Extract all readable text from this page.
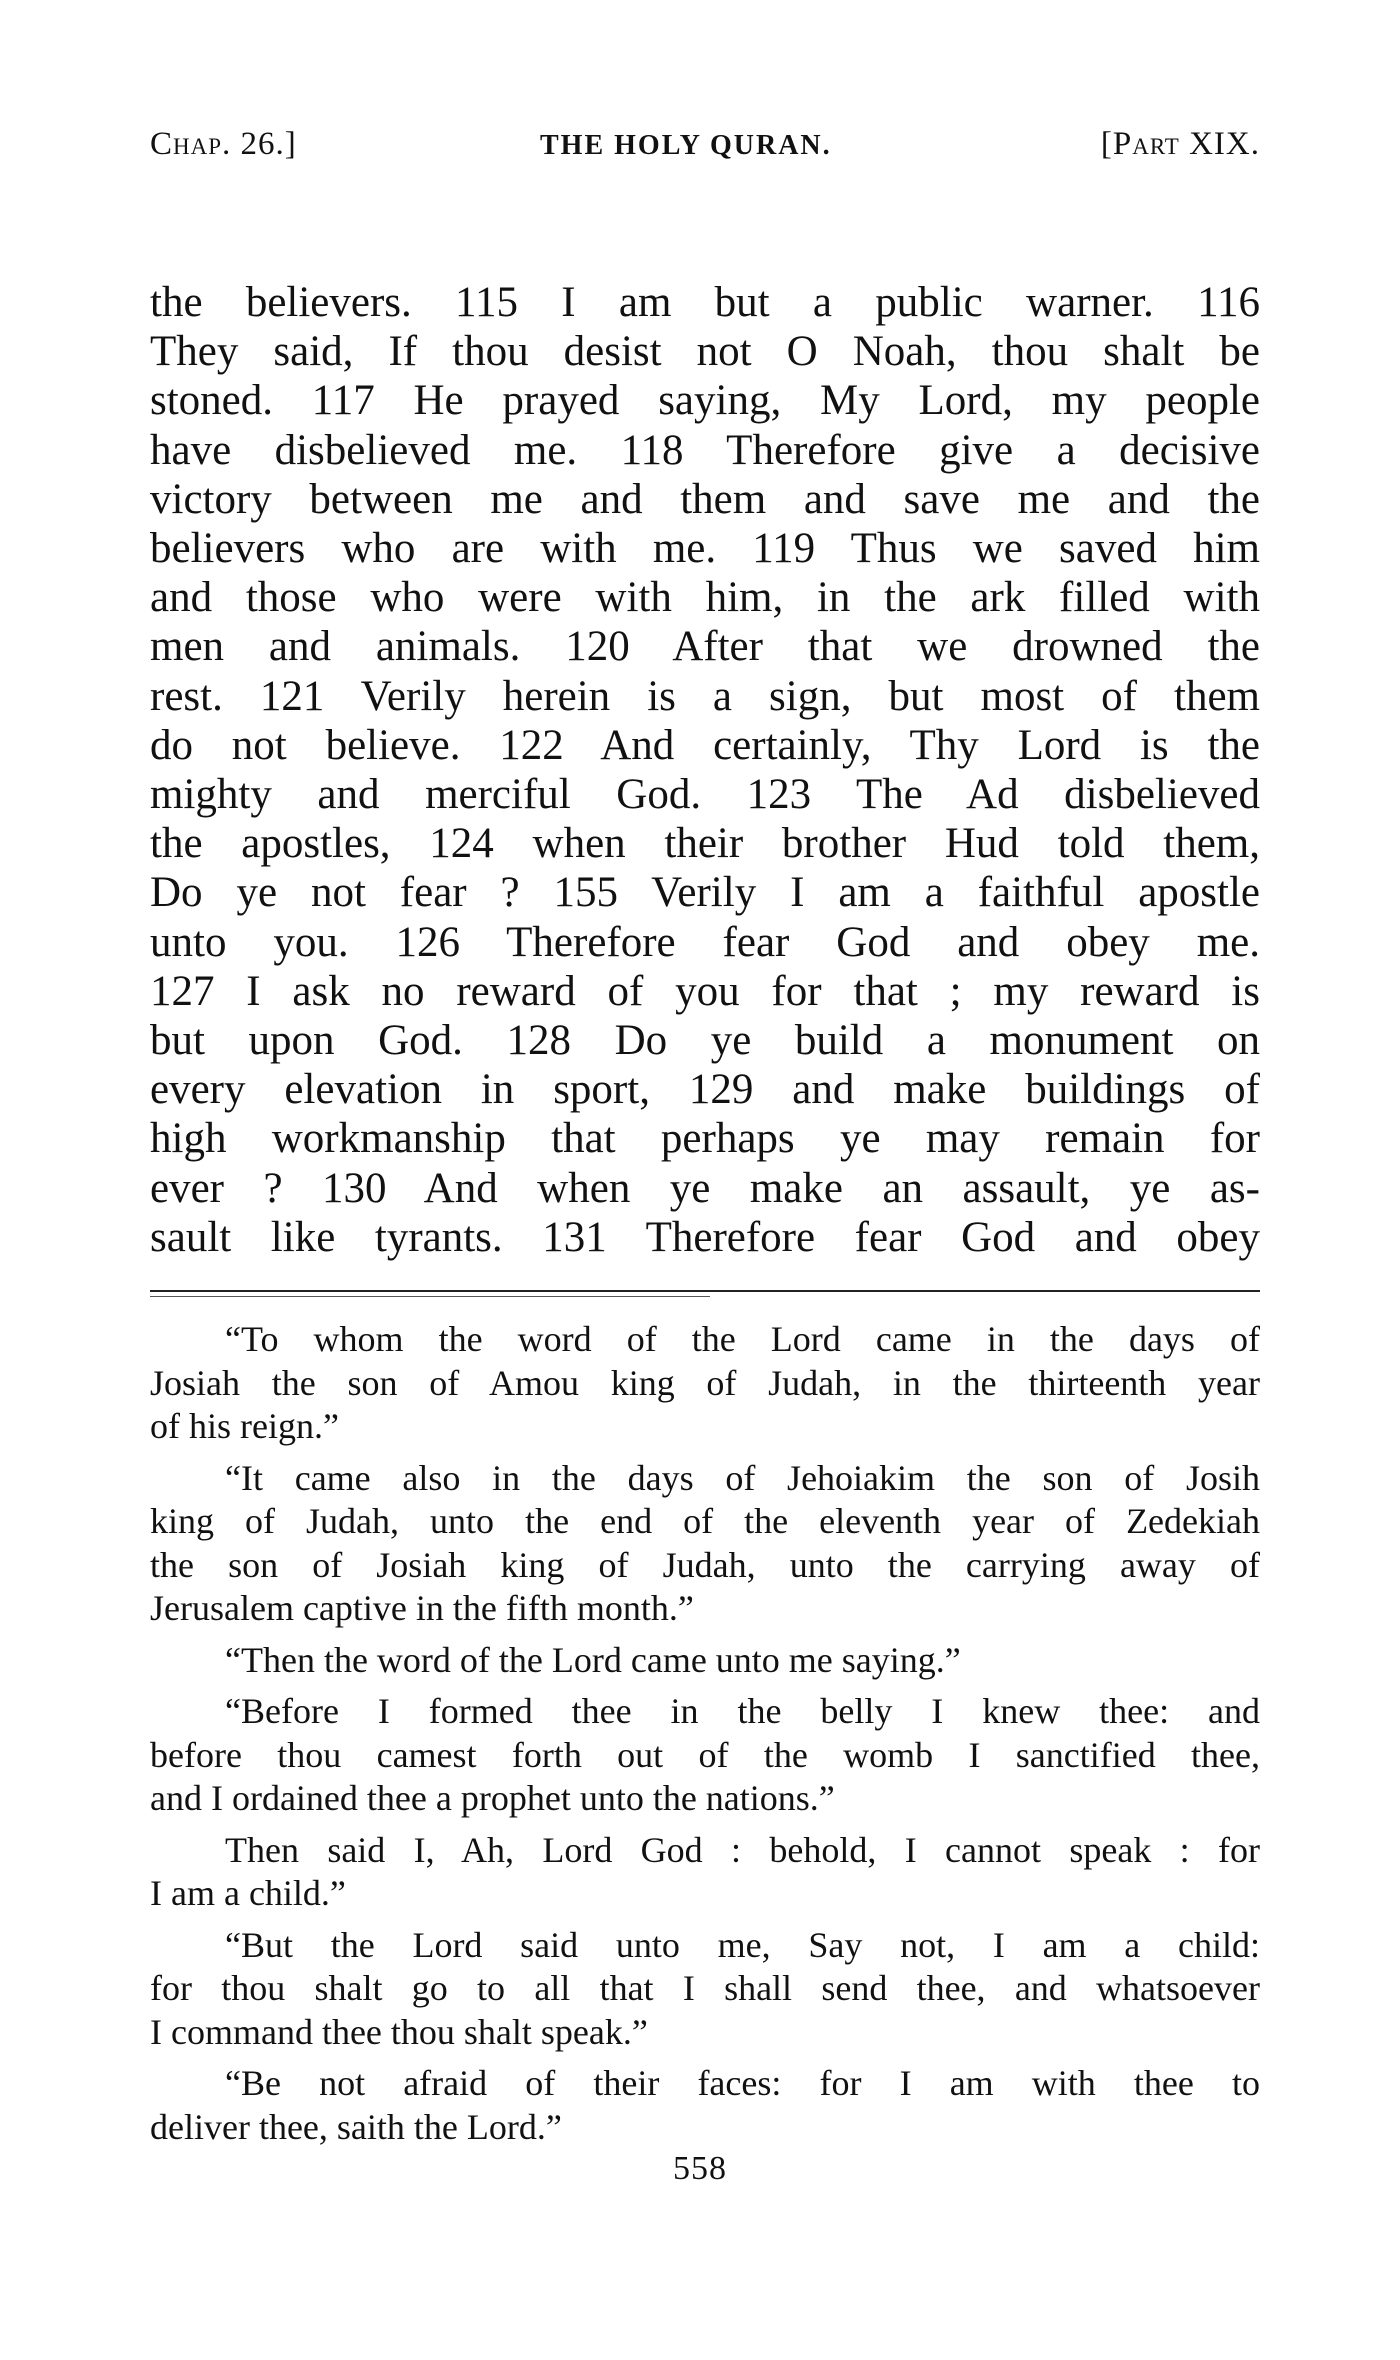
Chap. 26.]	THE HOLY QURAN.	[Part XIX.
the believers. 115 I am but a public warner. 116
They said, If thou desist not O Noah, thou shalt be
stoned. 117 He prayed saying, My Lord, my people
have disbelieved me. 118 Therefore give a decisive
victory between me and them and save me and the
believers who are with me. 119 Thus we saved him
and those who were with him, in the ark filled with
men and animals. 120 After that we drowned the
rest. 121 Verily herein is a sign, but most of them
do not believe. 122 And certainly, Thy Lord is the
mighty and merciful God. 123 The Ad disbelieved
the apostles, 124 when their brother Hud told them,
Do ye not fear ? 155 Verily I am a faithful apostle
unto you. 126 Therefore fear God and obey me.
127 I ask no reward of you for that ; my reward is
but upon God. 128 Do ye build a monument on
every elevation in sport, 129 and make buildings of
high workmanship that perhaps ye may remain for
ever ? 130 And when ye make an assault, ye as-
sault like tyrants. 131 Therefore fear God and obey
“To whom the word of the Lord came in the days of
Josiah the son of Amou king of Judah, in the thirteenth year
of his reign.”
“It came also in the days of Jehoiakim the son of Josih
king of Judah, unto the end of the eleventh year of Zedekiah
the son of Josiah king of Judah, unto the carrying away of
Jerusalem captive in the fifth month.”
“Then the word of the Lord came unto me saying.”
“Before I formed thee in the belly I knew thee: and
before thou camest forth out of the womb I sanctified thee,
and I ordained thee a prophet unto the nations.”
Then said I, Ah, Lord God : behold, I cannot speak : for
I am a child.”
“But the Lord said unto me, Say not, I am a child:
for thou shalt go to all that I shall send thee, and whatsoever
I command thee thou shalt speak.”
“Be not afraid of their faces: for I am with thee to
deliver thee, saith the Lord.”
558
